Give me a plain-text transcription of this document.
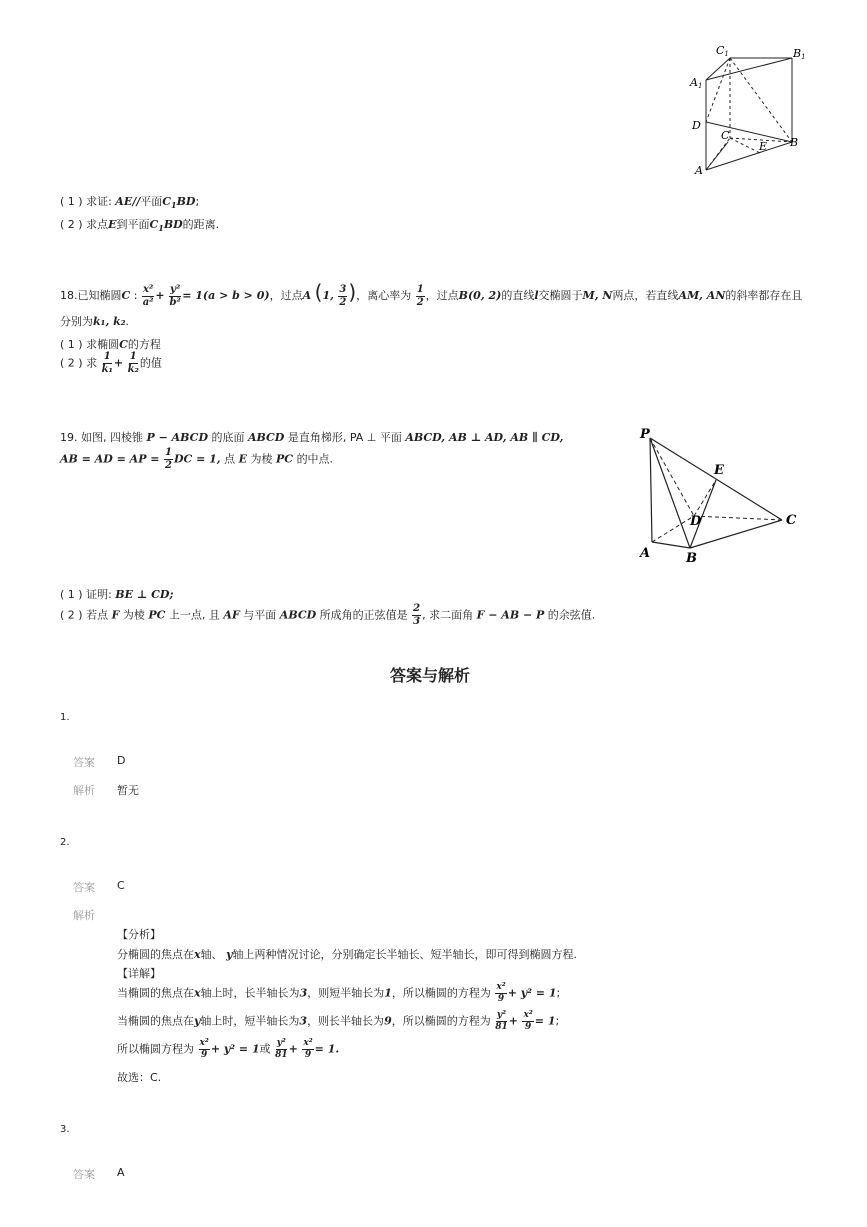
C1	B1
A1
D
C
E B
A
( 1 ) 求证: AE//平面$C_1BD$;
( 2 ) 求点E到平面$C_1BD$的距离.
18.已知椭圆C : $\frac{\text{x²}}{\text{a²}} + \frac{\text{y²}}{\text{b²}} = 1(a > b > 0)$，过点A (1, $\frac{3}{2}$ )，离心率为 $\frac{1}{2}$ ，过点B(0, 2)的直线l交椭圆于M, N两点，若直线AM, AN的斜率都存在且
分别为k₁, k₂.
( 1 ) 求椭圆C的方程
( 2 ) 求 $\frac{1}{\text{k₁}} + \frac{1}{\text{k₂}}$ 的值
19. 如图, 四棱锥 P − ABCD 的底面 ABCD 是直角梯形, PA ⊥ 平面 ABCD, AB ⊥ AD, AB ∥ CD,
AB = AD = AP = $\frac{1}{2}$ DC = 1, 点 E 为棱 PC 的中点.
P
E
D	C
A	B
( 1 ) 证明: BE ⊥ CD;
( 2 ) 若点 F 为棱 PC 上一点, 且 AF 与平面 ABCD 所成角的正弦值是 $\frac{2}{3}$ , 求二面角 F − AB − P 的余弦值.
答案与解析
1.
答案 D
解析 暂无
2.
答案 C
解析
【分析】
分椭圆的焦点在x轴、 y轴上两种情况讨论，分别确定长半轴长、短半轴长，即可得到椭圆方程.
【详解】
当椭圆的焦点在x轴上时，长半轴长为3，则短半轴长为1，所以椭圆的方程为 $\frac{\text{x²}}{9} + y^2 = 1$;
当椭圆的焦点在y轴上时，短半轴长为3，则长半轴长为9，所以椭圆的方程为 $\frac{\text{y²}}{81} + \frac{\text{x²}}{9} = 1$;
所以椭圆方程为 $\frac{\text{x²}}{9} + y^2 = 1$或 $\frac{\text{y²}}{81} + \frac{\text{x²}}{9} = 1$.
故选：C.
3.
答案 A
